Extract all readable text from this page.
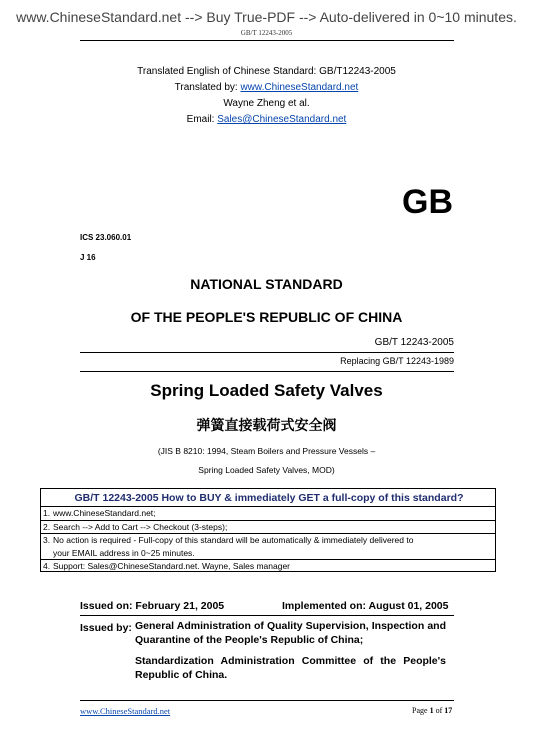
www.ChineseStandard.net --> Buy True-PDF --> Auto-delivered in 0~10 minutes.
GB/T 12243-2005
Translated English of Chinese Standard: GB/T12243-2005
Translated by: www.ChineseStandard.net
Wayne Zheng et al.
Email: Sales@ChineseStandard.net
GB
ICS 23.060.01
J 16
NATIONAL STANDARD
OF THE PEOPLE'S REPUBLIC OF CHINA
GB/T 12243-2005
Replacing GB/T 12243-1989
Spring Loaded Safety Valves
弹簧直接载荷式安全阀
(JIS B 8210: 1994, Steam Boilers and Pressure Vessels –
Spring Loaded Safety Valves, MOD)
GB/T 12243-2005 How to BUY & immediately GET a full-copy of this standard?
1. www.ChineseStandard.net;
2. Search --> Add to Cart --> Checkout (3-steps);
3. No action is required - Full-copy of this standard will be automatically & immediately delivered to
your EMAIL address in 0~25 minutes.
4. Support: Sales@ChineseStandard.net. Wayne, Sales manager
Issued on: February 21, 2005	Implemented on: August 01, 2005
Issued by: General Administration of Quality Supervision, Inspection and Quarantine of the People's Republic of China;
Standardization Administration Committee of the People's Republic of China.
www.ChineseStandard.net	Page 1 of 17
